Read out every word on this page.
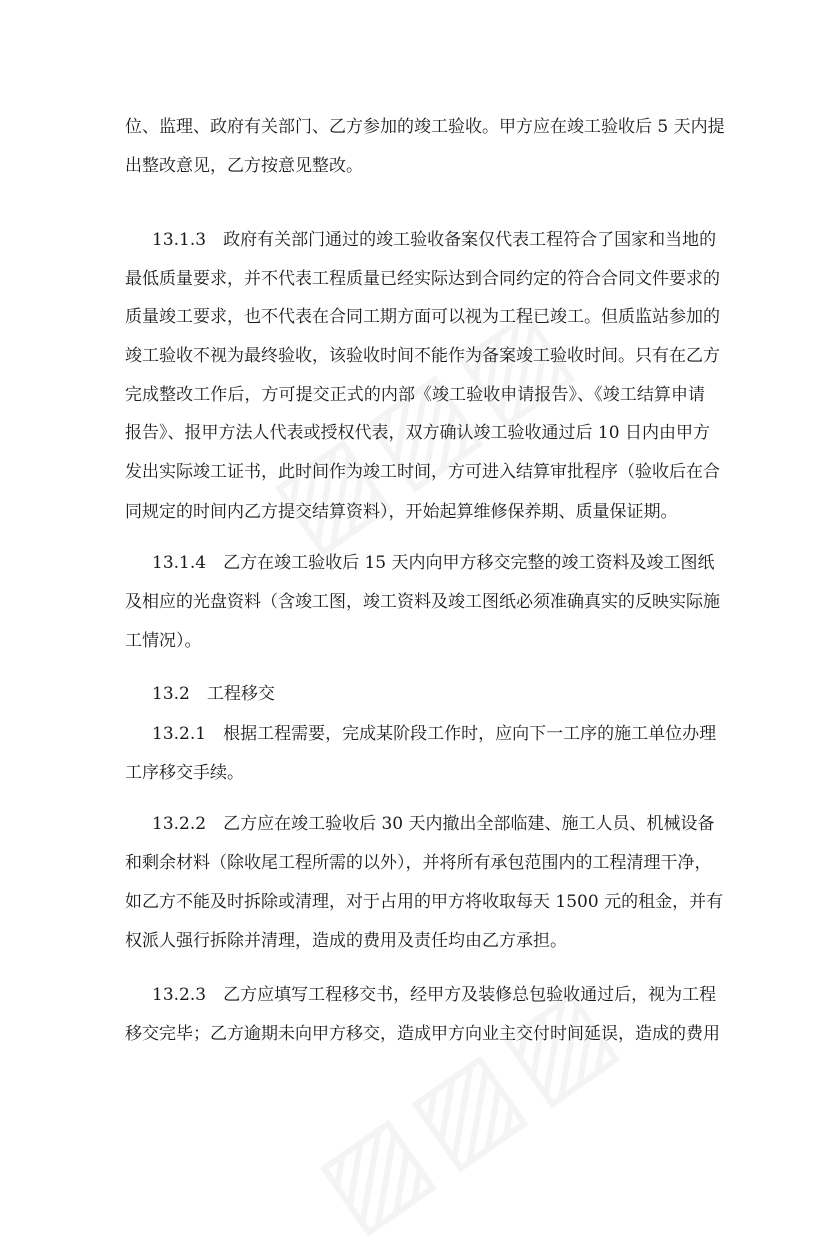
位、监理、政府有关部门、乙方参加的竣工验收。甲方应在竣工验收后 5 天内提
出整改意见，乙方按意见整改。
13.1.3　政府有关部门通过的竣工验收备案仅代表工程符合了国家和当地的
最低质量要求，并不代表工程质量已经实际达到合同约定的符合合同文件要求的
质量竣工要求，也不代表在合同工期方面可以视为工程已竣工。但质监站参加的
竣工验收不视为最终验收，该验收时间不能作为备案竣工验收时间。只有在乙方
完成整改工作后，方可提交正式的内部《竣工验收申请报告》、《竣工结算申请
报告》、报甲方法人代表或授权代表，双方确认竣工验收通过后 10 日内由甲方
发出实际竣工证书，此时间作为竣工时间，方可进入结算审批程序（验收后在合
同规定的时间内乙方提交结算资料），开始起算维修保养期、质量保证期。
13.1.4　乙方在竣工验收后 15 天内向甲方移交完整的竣工资料及竣工图纸
及相应的光盘资料（含竣工图，竣工资料及竣工图纸必须准确真实的反映实际施
工情况）。
13.2　工程移交
13.2.1　根据工程需要，完成某阶段工作时，应向下一工序的施工单位办理
工序移交手续。
13.2.2　乙方应在竣工验收后 30 天内撤出全部临建、施工人员、机械设备
和剩余材料（除收尾工程所需的以外），并将所有承包范围内的工程清理干净，
如乙方不能及时拆除或清理，对于占用的甲方将收取每天 1500 元的租金，并有
权派人强行拆除并清理，造成的费用及责任均由乙方承担。
13.2.3　乙方应填写工程移交书，经甲方及装修总包验收通过后，视为工程
移交完毕；乙方逾期未向甲方移交，造成甲方向业主交付时间延误，造成的费用
